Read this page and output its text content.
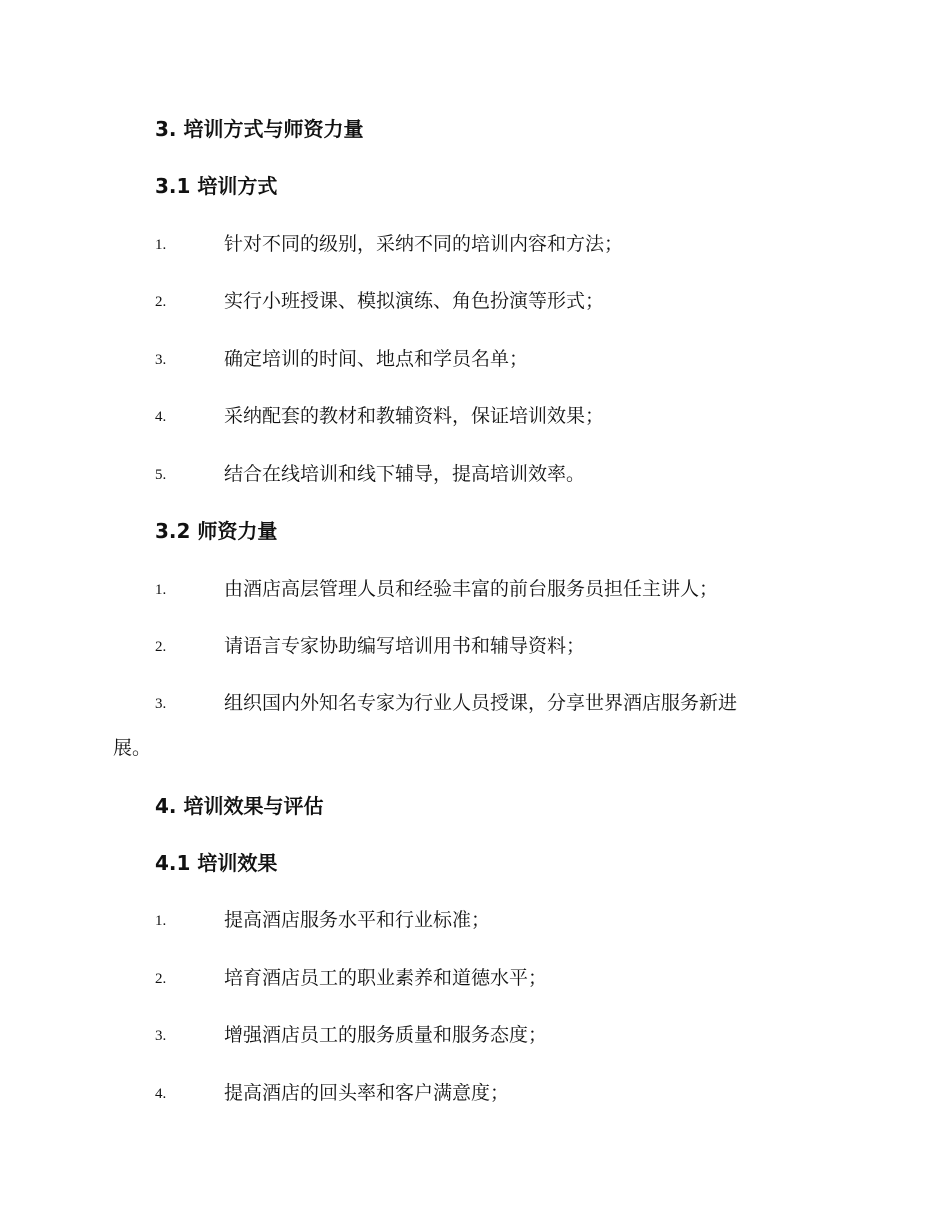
3. 培训方式与师资力量
3.1 培训方式
1.	针对不同的级别，采纳不同的培训内容和方法；
2.	实行小班授课、模拟演练、角色扮演等形式；
3.	确定培训的时间、地点和学员名单；
4.	采纳配套的教材和教辅资料，保证培训效果；
5.	结合在线培训和线下辅导，提高培训效率。
3.2 师资力量
1.	由酒店高层管理人员和经验丰富的前台服务员担任主讲人；
2.	请语言专家协助编写培训用书和辅导资料；
3.	组织国内外知名专家为行业人员授课，分享世界酒店服务新进
展。
4. 培训效果与评估
4.1 培训效果
1.	提高酒店服务水平和行业标准；
2.	培育酒店员工的职业素养和道德水平；
3.	增强酒店员工的服务质量和服务态度；
4.	提高酒店的回头率和客户满意度；
